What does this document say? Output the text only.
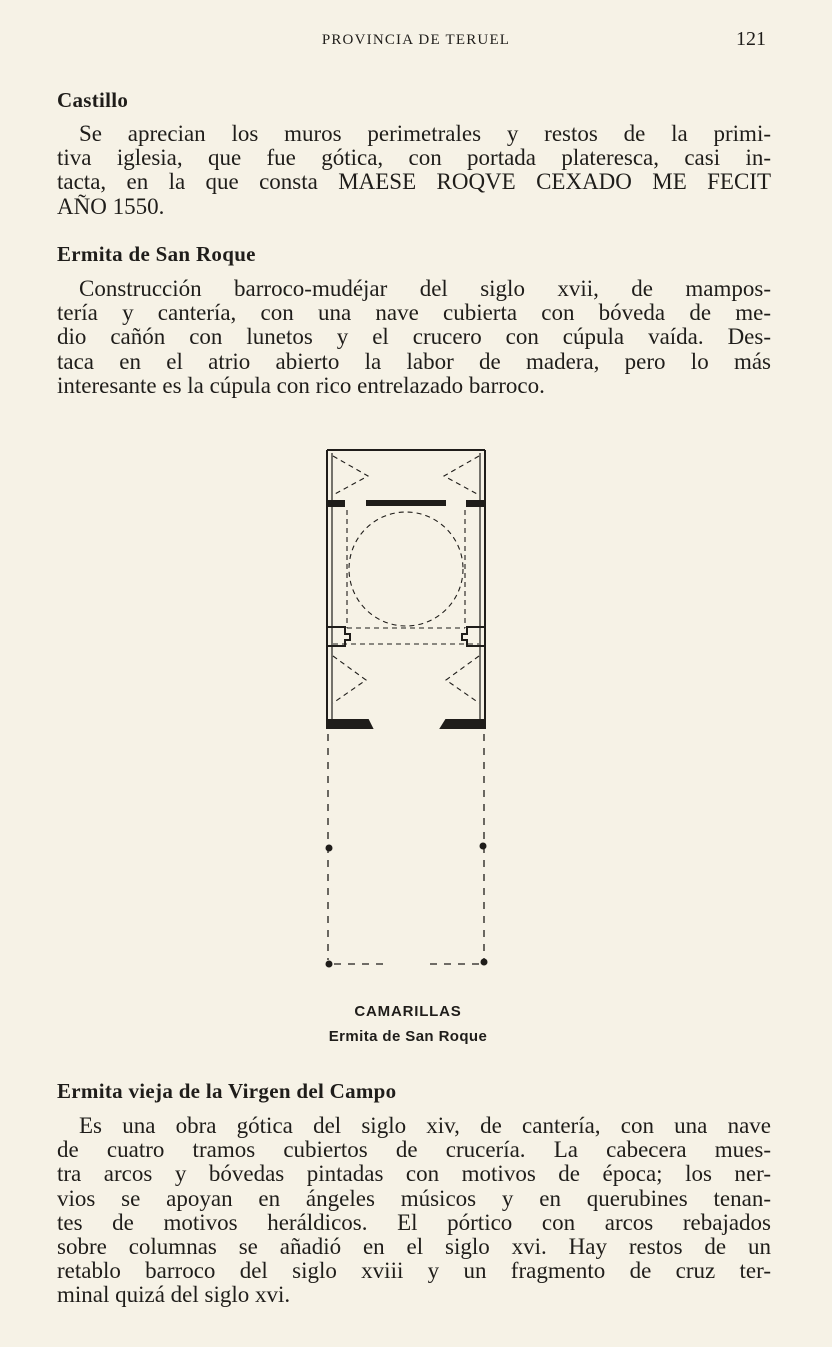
PROVINCIA DE TERUEL	121
Castillo

Se aprecian los muros perimetrales y restos de la primi-
tiva iglesia, que fue gótica, con portada plateresca, casi in-
tacta, en la que consta MAESE ROQVE CEXADO ME FECIT
AÑO 1550.

Ermita de San Roque

Construcción barroco-mudéjar del siglo xvii, de mampos-
tería y cantería, con una nave cubierta con bóveda de me-
dio cañón con lunetos y el crucero con cúpula vaída. Des-
taca en el atrio abierto la labor de madera, pero lo más
interesante es la cúpula con rico entrelazado barroco.

CAMARILLAS
Ermita de San Roque
Ermita vieja de la Virgen del Campo

Es una obra gótica del siglo xiv, de cantería, con una nave
de cuatro tramos cubiertos de crucería. La cabecera mues-
tra arcos y bóvedas pintadas con motivos de época; los ner-
vios se apoyan en ángeles músicos y en querubines tenan-
tes de motivos heráldicos. El pórtico con arcos rebajados
sobre columnas se añadió en el siglo xvi. Hay restos de un
retablo barroco del siglo xviii y un fragmento de cruz ter-
minal quizá del siglo xvi.
